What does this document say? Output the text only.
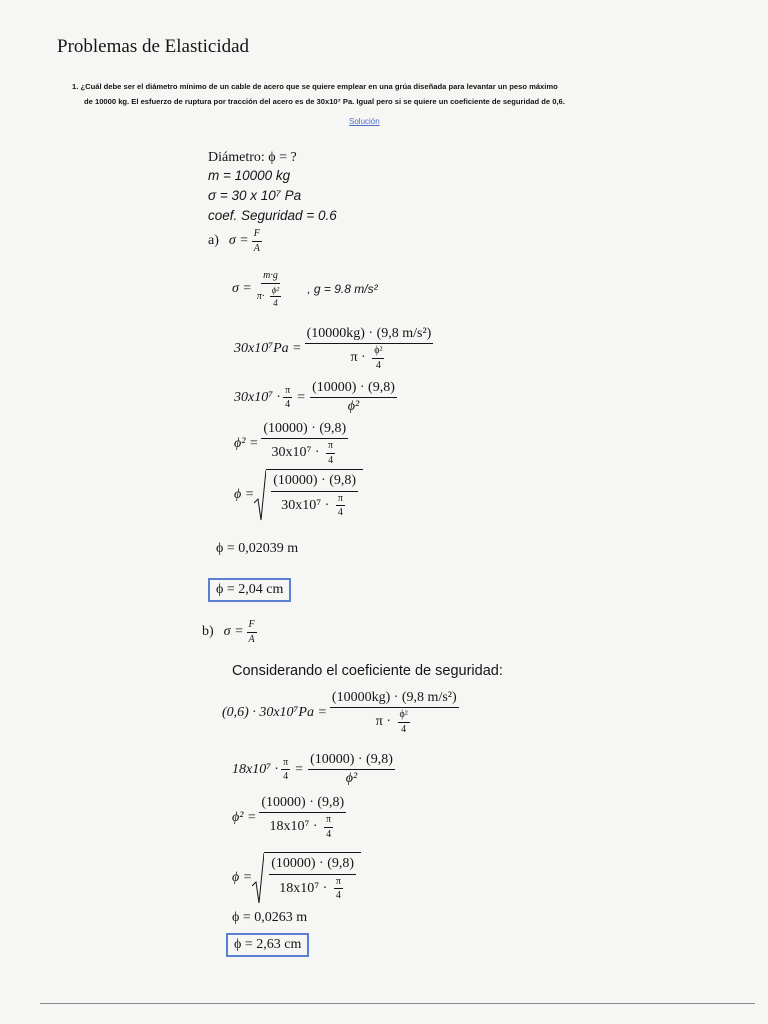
Problemas de Elasticidad
1. ¿Cuál debe ser el diámetro mínimo de un cable de acero que se quiere emplear en una grúa diseñada para levantar un peso máximo
de 10000 kg. El esfuerzo de ruptura por tracción del acero es de 30x10⁷ Pa. Igual pero si se quiere un coeficiente de seguridad de 0,6.
Solución
Diámetro: ϕ = ?
m = 10000 kg
σ = 30 x 10⁷ Pa
coef. Seguridad = 0.6
a) $\sigma = \frac{F}{A}$
$\sigma = \frac{m\cdot g}{\pi\cdot \frac{\text{ϕ²}}{4}}$ , g = 9.8 m/s²
$30x10^7Pa = \frac{\text{(10000kg) · (9,8 m/s²)}}{\pi \cdot \frac{\text{ϕ²}}{4}}$
$30x10^7 \cdot \frac{\pi}{4} = \frac{(10000) \cdot (9,8)}{\text{ϕ²}}$
$\phi^2 = \frac{(10000) \cdot (9,8)}{30x10^7 \cdot \frac{\pi}{4}}$
$\phi = \frac{(10000) \cdot (9,8)}{30x10^7 \cdot \frac{\pi}{4}}$
ϕ = 0,02039 m
ϕ = 2,04 cm
b) $\sigma = \frac{F}{A}$
Considerando el coeficiente de seguridad:
$(0,6) \cdot 30x10^7Pa = \frac{\text{(10000kg) · (9,8 m/s²)}}{\pi \cdot \frac{\text{ϕ²}}{4}}$
$18x10^7 \cdot \frac{\pi}{4} = \frac{(10000) \cdot (9,8)}{\text{ϕ²}}$
$\phi^2 = \frac{(10000) \cdot (9,8)}{18x10^7 \cdot \frac{\pi}{4}}$
$\phi = \frac{(10000) \cdot (9,8)}{18x10^7 \cdot \frac{\pi}{4}}$
ϕ = 0,0263 m
ϕ = 2,63 cm
